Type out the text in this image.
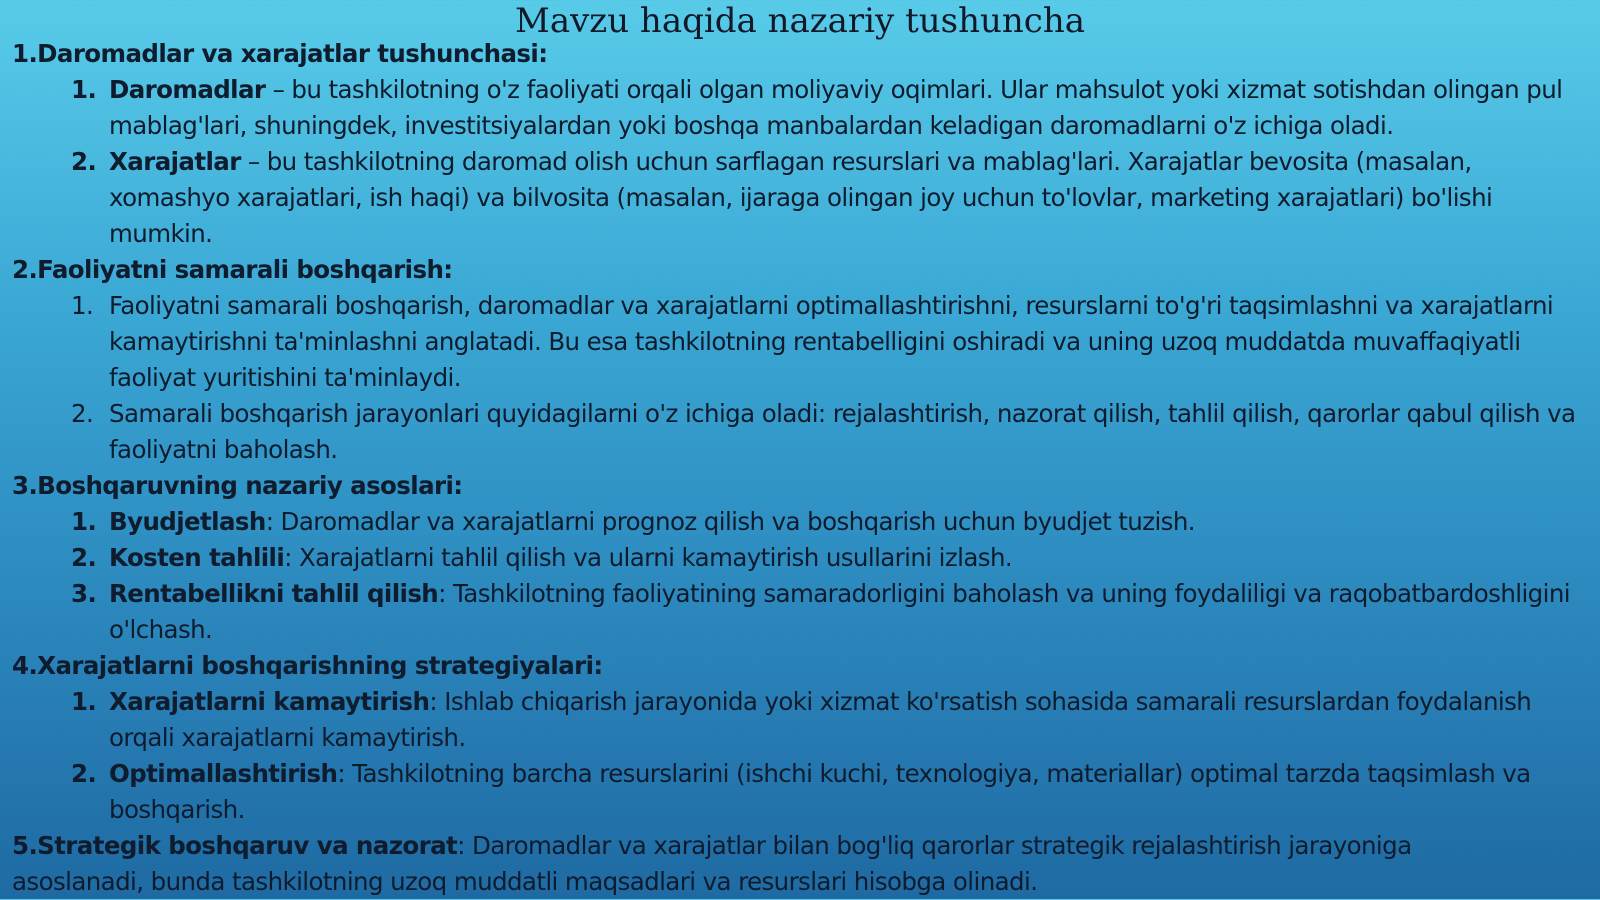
Mavzu haqida nazariy tushuncha
1.Daromadlar va xarajatlar tushunchasi:
1. Daromadlar – bu tashkilotning o'z faoliyati orqali olgan moliyaviy oqimlari. Ular mahsulot yoki xizmat sotishdan olingan pul mablag'lari, shuningdek, investitsiyalardan yoki boshqa manbalardan keladigan daromadlarni o'z ichiga oladi.
2. Xarajatlar – bu tashkilotning daromad olish uchun sarflagan resurslari va mablag'lari. Xarajatlar bevosita (masalan, xomashyo xarajatlari, ish haqi) va bilvosita (masalan, ijaraga olingan joy uchun to'lovlar, marketing xarajatlari) bo'lishi mumkin.
2.Faoliyatni samarali boshqarish:
1. Faoliyatni samarali boshqarish, daromadlar va xarajatlarni optimallashtirishni, resurslarni to'g'ri taqsimlashni va xarajatlarni kamaytirishni ta'minlashni anglatadi. Bu esa tashkilotning rentabelligini oshiradi va uning uzoq muddatda muvaffaqiyatli faoliyat yuritishini ta'minlaydi.
2. Samarali boshqarish jarayonlari quyidagilarni o'z ichiga oladi: rejalashtirish, nazorat qilish, tahlil qilish, qarorlar qabul qilish va faoliyatni baholash.
3.Boshqaruvning nazariy asoslari:
1. Byudjetlash: Daromadlar va xarajatlarni prognoz qilish va boshqarish uchun byudjet tuzish.
2. Kosten tahlili: Xarajatlarni tahlil qilish va ularni kamaytirish usullarini izlash.
3. Rentabellikni tahlil qilish: Tashkilotning faoliyatining samaradorligini baholash va uning foydaliligi va raqobatbardoshligini o'lchash.
4.Xarajatlarni boshqarishning strategiyalari:
1. Xarajatlarni kamaytirish: Ishlab chiqarish jarayonida yoki xizmat ko'rsatish sohasida samarali resurslardan foydalanish orqali xarajatlarni kamaytirish.
2. Optimallashtirish: Tashkilotning barcha resurslarini (ishchi kuchi, texnologiya, materiallar) optimal tarzda taqsimlash va boshqarish.
5.Strategik boshqaruv va nazorat: Daromadlar va xarajatlar bilan bog'liq qarorlar strategik rejalashtirish jarayoniga asoslanadi, bunda tashkilotning uzoq muddatli maqsadlari va resurslari hisobga olinadi.
